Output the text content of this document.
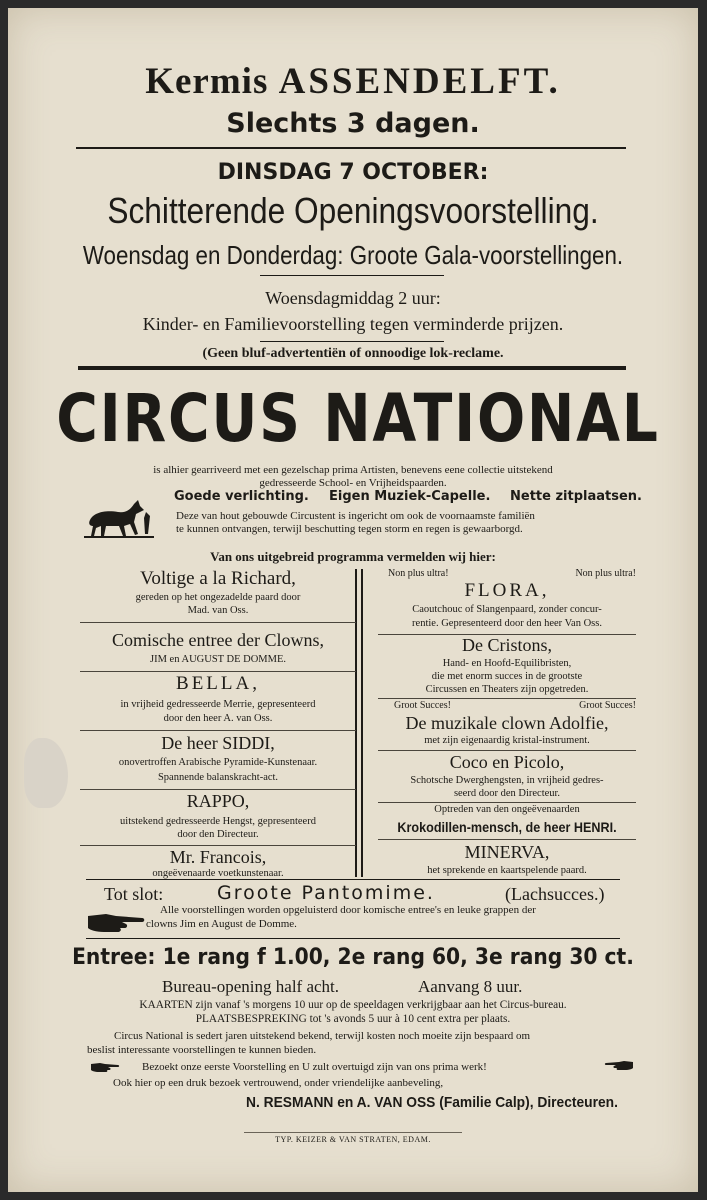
Kermis ASSENDELFT.
Slechts 3 dagen.
DINSDAG 7 OCTOBER:
Schitterende Openingsvoorstelling.
Woensdag en Donderdag: Groote Gala-voorstellingen.
Woensdagmiddag 2 uur:
Kinder- en Familievoorstelling tegen verminderde prijzen.
(Geen bluf-advertentiën of onnoodige lok-reclame.
CIRCUS NATIONAL
is alhier gearriveerd met een gezelschap prima Artisten, benevens eene collectie uitstekend
gedresseerde School- en Vrijheidspaarden.
Goede verlichting. Eigen Muziek-Capelle. Nette zitplaatsen.
Deze van hout gebouwde Circustent is ingericht om ook de voornaamste familiën
te kunnen ontvangen, terwijl beschutting tegen storm en regen is gewaarborgd.
Van ons uitgebreid programma vermelden wij hier:
Voltige a la Richard,
gereden op het ongezadelde paard door
Mad. van Oss.
Comische entree der Clowns,
JIM en AUGUST DE DOMME.
BELLA,
in vrijheid gedresseerde Merrie, gepresenteerd
door den heer A. van Oss.
De heer SIDDI,
onovertroffen Arabische Pyramide-Kunstenaar.
Spannende balanskracht-act.
RAPPO,
uitstekend gedresseerde Hengst, gepresenteerd
door den Directeur.
Mr. Francois,
ongeëvenaarde voetkunstenaar.
Non plus ultra!	Non plus ultra!
FLORA,
Caoutchouc of Slangenpaard, zonder concur-
rentie. Gepresenteerd door den heer Van Oss.
De Cristons,
Hand- en Hoofd-Equilibristen,
die met enorm succes in de grootste
Circussen en Theaters zijn opgetreden.
Groot Succes!	Groot Succes!
De muzikale clown Adolfie,
met zijn eigenaardig kristal-instrument.
Coco en Picolo,
Schotsche Dwerghengsten, in vrijheid gedres-
seerd door den Directeur.
Optreden van den ongeëvenaarden
Krokodillen-mensch, de heer HENRI.
MINERVA,
het sprekende en kaartspelende paard.
Tot slot:	Groote Pantomime.	(Lachsucces.)
Alle voorstellingen worden opgeluisterd door komische entree's en leuke grappen der
clowns Jim en August de Domme.
Entree: 1e rang f 1.00, 2e rang 60, 3e rang 30 ct.
Bureau-opening half acht.	Aanvang 8 uur.
KAARTEN zijn vanaf 's morgens 10 uur op de speeldagen verkrijgbaar aan het Circus-bureau.
PLAATSBESPREKING tot 's avonds 5 uur à 10 cent extra per plaats.
Circus National is sedert jaren uitstekend bekend, terwijl kosten noch moeite zijn bespaard om
beslist interessante voorstellingen te kunnen bieden.
Bezoekt onze eerste Voorstelling en U zult overtuigd zijn van ons prima werk!
Ook hier op een druk bezoek vertrouwend, onder vriendelijke aanbeveling,
N. RESMANN en A. VAN OSS (Familie Calp), Directeuren.
TYP. KEIZER & VAN STRATEN, EDAM.
